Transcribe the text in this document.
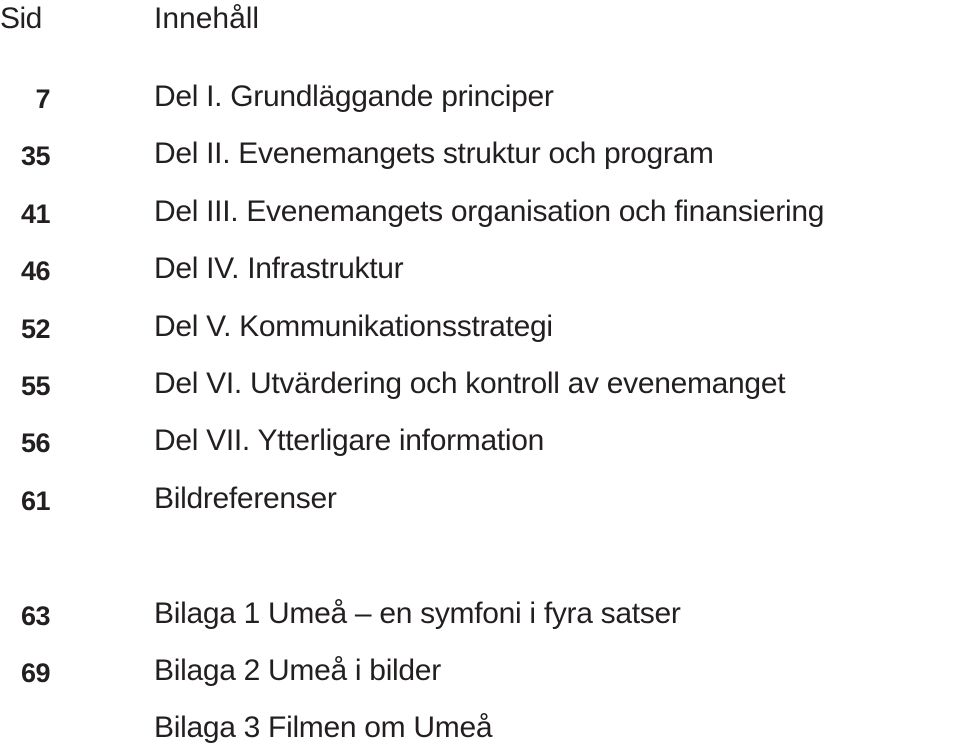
Sid	Innehåll
7	Del I. Grundläggande principer
35	Del II. Evenemangets struktur och program
41	Del III. Evenemangets organisation och finansiering
46	Del IV. Infrastruktur
52	Del V. Kommunikationsstrategi
55	Del VI. Utvärdering och kontroll av evenemanget
56	Del VII. Ytterligare information
61	Bildreferenser
63	Bilaga 1 Umeå – en symfoni i fyra satser
69	Bilaga 2 Umeå i bilder
Bilaga 3 Filmen om Umeå
